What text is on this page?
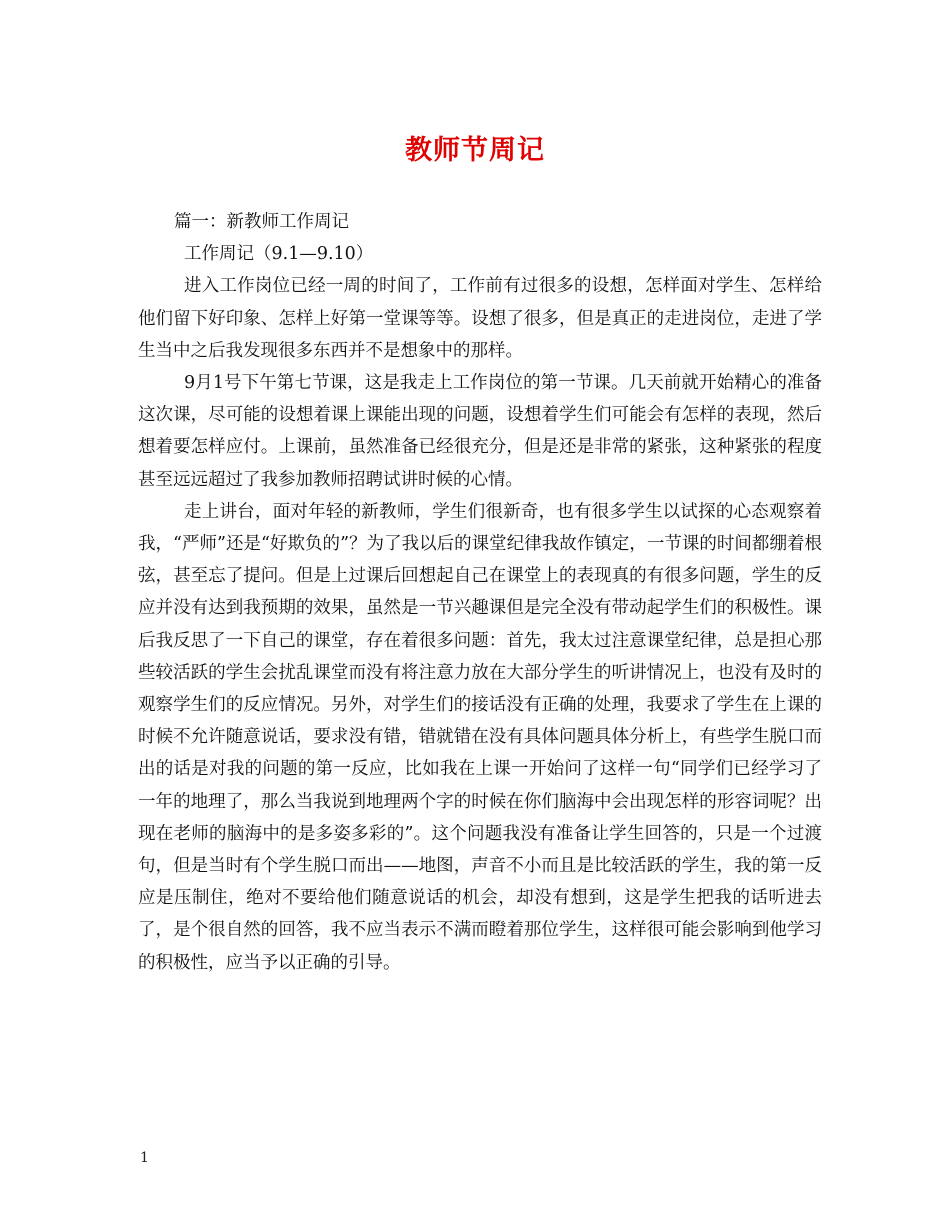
教师节周记

篇一：新教师工作周记

工作周记（9.1—9.10）

进入工作岗位已经一周的时间了，工作前有过很多的设想，怎样面对学生、怎样给他们留下好印象、怎样上好第一堂课等等。设想了很多，但是真正的走进岗位，走进了学生当中之后我发现很多东西并不是想象中的那样。

9月1号下午第七节课，这是我走上工作岗位的第一节课。几天前就开始精心的准备这次课，尽可能的设想着课上课能出现的问题，设想着学生们可能会有怎样的表现，然后想着要怎样应付。上课前，虽然准备已经很充分，但是还是非常的紧张，这种紧张的程度甚至远远超过了我参加教师招聘试讲时候的心情。

走上讲台，面对年轻的新教师，学生们很新奇，也有很多学生以试探的心态观察着我，“严师”还是“好欺负的”？为了我以后的课堂纪律我故作镇定，一节课的时间都绷着根弦，甚至忘了提问。但是上过课后回想起自己在课堂上的表现真的有很多问题，学生的反应并没有达到我预期的效果，虽然是一节兴趣课但是完全没有带动起学生们的积极性。课后我反思了一下自己的课堂，存在着很多问题：首先，我太过注意课堂纪律，总是担心那些较活跃的学生会扰乱课堂而没有将注意力放在大部分学生的听讲情况上，也没有及时的观察学生们的反应情况。另外，对学生们的接话没有正确的处理，我要求了学生在上课的时候不允许随意说话，要求没有错，错就错在没有具体问题具体分析上，有些学生脱口而出的话是对我的问题的第一反应，比如我在上课一开始问了这样一句“同学们已经学习了一年的地理了，那么当我说到地理两个字的时候在你们脑海中会出现怎样的形容词呢？出现在老师的脑海中的是多姿多彩的”。这个问题我没有准备让学生回答的，只是一个过渡句，但是当时有个学生脱口而出——地图，声音不小而且是比较活跃的学生，我的第一反应是压制住，绝对不要给他们随意说话的机会，却没有想到，这是学生把我的话听进去了，是个很自然的回答，我不应当表示不满而瞪着那位学生，这样很可能会影响到他学习的积极性，应当予以正确的引导。

1
